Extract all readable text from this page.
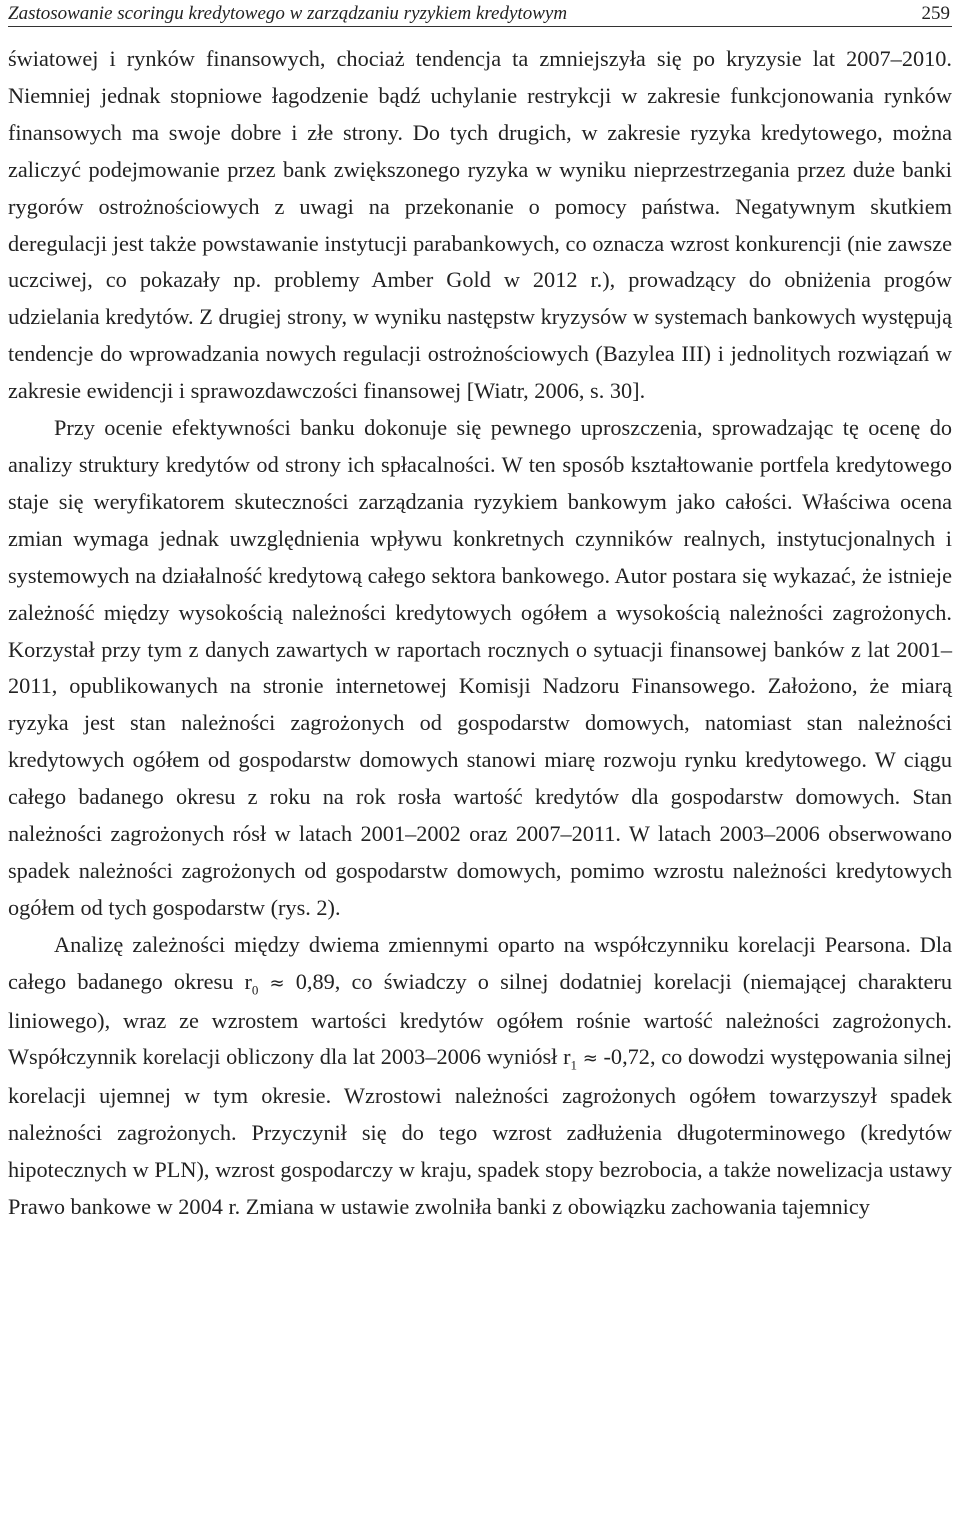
Zastosowanie scoringu kredytowego w zarządzaniu ryzykiem kredytowym	259

światowej i rynków finansowych, chociaż tendencja ta zmniejszyła się po kryzysie lat 2007–2010. Niemniej jednak stopniowe łagodzenie bądź uchylanie restrykcji w zakresie funkcjonowania rynków finansowych ma swoje dobre i złe strony. Do tych drugich, w zakresie ryzyka kredytowego, można zaliczyć podejmowanie przez bank zwiększonego ryzyka w wyniku nieprzestrzegania przez duże banki rygorów ostrożnościowych z uwagi na przekonanie o pomocy państwa. Negatywnym skutkiem deregulacji jest także powstawanie instytucji parabankowych, co oznacza wzrost konkurencji (nie zawsze uczciwej, co pokazały np. problemy Amber Gold w 2012 r.), prowadzący do obniżenia progów udzielania kredytów. Z drugiej strony, w wyniku następstw kryzysów w systemach bankowych występują tendencje do wprowadzania nowych regulacji ostrożnościowych (Bazylea III) i jednolitych rozwiązań w zakresie ewidencji i sprawozdawczości finansowej [Wiatr, 2006, s. 30].

Przy ocenie efektywności banku dokonuje się pewnego uproszczenia, sprowadzając tę ocenę do analizy struktury kredytów od strony ich spłacalności. W ten sposób kształtowanie portfela kredytowego staje się weryfikatorem skuteczności zarządzania ryzykiem bankowym jako całości. Właściwa ocena zmian wymaga jednak uwzględnienia wpływu konkretnych czynników realnych, instytucjonalnych i systemowych na działalność kredytową całego sektora bankowego. Autor postara się wykazać, że istnieje zależność między wysokością należności kredytowych ogółem a wysokością należności zagrożonych. Korzystał przy tym z danych zawartych w raportach rocznych o sytuacji finansowej banków z lat 2001–2011, opublikowanych na stronie internetowej Komisji Nadzoru Finansowego. Założono, że miarą ryzyka jest stan należności zagrożonych od gospodarstw domowych, natomiast stan należności kredytowych ogółem od gospodarstw domowych stanowi miarę rozwoju rynku kredytowego. W ciągu całego badanego okresu z roku na rok rosła wartość kredytów dla gospodarstw domowych. Stan należności zagrożonych rósł w latach 2001–2002 oraz 2007–2011. W latach 2003–2006 obserwowano spadek należności zagrożonych od gospodarstw domowych, pomimo wzrostu należności kredytowych ogółem od tych gospodarstw (rys. 2).

Analizę zależności między dwiema zmiennymi oparto na współczynniku korelacji Pearsona. Dla całego badanego okresu $r_0 \approx 0,89$, co świadczy o silnej dodatniej korelacji (niemającej charakteru liniowego), wraz ze wzrostem wartości kredytów ogółem rośnie wartość należności zagrożonych. Współczynnik korelacji obliczony dla lat 2003–2006 wyniósł $r_1 \approx -0,72$, co dowodzi występowania silnej korelacji ujemnej w tym okresie. Wzrostowi należności zagrożonych ogółem towarzyszył spadek należności zagrożonych. Przyczynił się do tego wzrost zadłużenia długoterminowego (kredytów hipotecznych w PLN), wzrost gospodarczy w kraju, spadek stopy bezrobocia, a także nowelizacja ustawy Prawo bankowe w 2004 r. Zmiana w ustawie zwolniła banki z obowiązku zachowania tajemnicy
